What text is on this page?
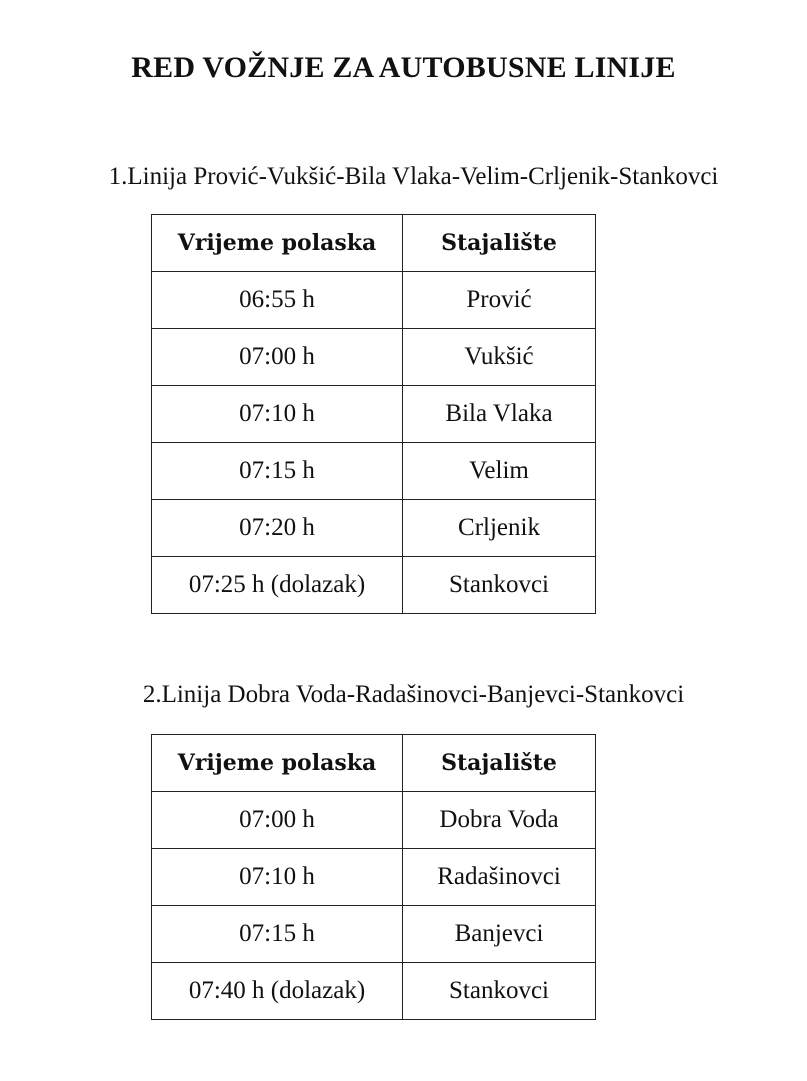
RED VOŽNJE ZA AUTOBUSNE LINIJE
1.Linija Prović-Vukšić-Bila Vlaka-Velim-Crljenik-Stankovci
Vrijeme polaska	Stajalište
06:55 h	Prović
07:00 h	Vukšić
07:10 h	Bila Vlaka
07:15 h	Velim
07:20 h	Crljenik
07:25 h (dolazak)	Stankovci
2.Linija Dobra Voda-Radašinovci-Banjevci-Stankovci
Vrijeme polaska	Stajalište
07:00 h	Dobra Voda
07:10 h	Radašinovci
07:15 h	Banjevci
07:40 h (dolazak)	Stankovci
